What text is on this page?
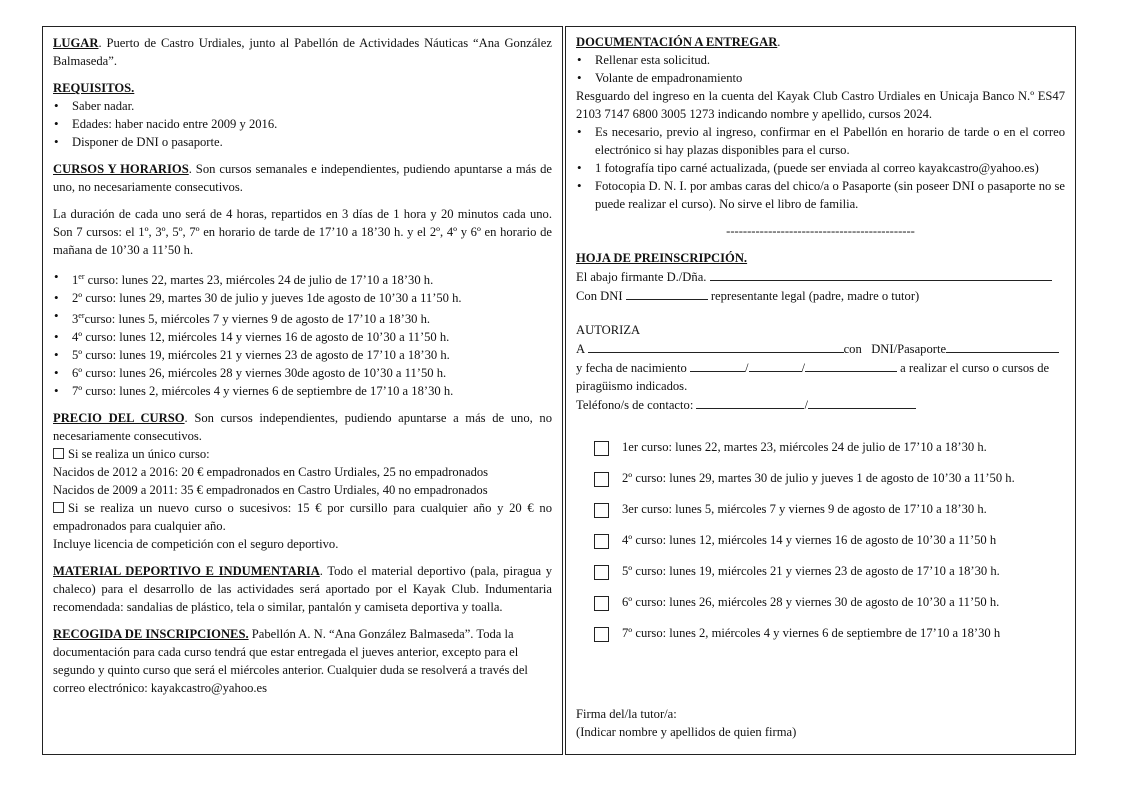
LUGAR. Puerto de Castro Urdiales, junto al Pabellón de Actividades Náuticas “Ana González Balmaseda”.

REQUISITOS.

• Saber nadar.
• Edades: haber nacido entre 2009 y 2016.
• Disponer de DNI o pasaporte.

CURSOS Y HORARIOS. Son cursos semanales e independientes, pudiendo apuntarse a más de uno, no necesariamente consecutivos.

La duración de cada uno será de 4 horas, repartidos en 3 días de 1 hora y 20 minutos cada uno. Son 7 cursos: el 1º, 3º, 5º, 7º en horario de tarde de 17’10 a 18’30 h. y el 2º, 4º y 6º en horario de mañana de 10’30 a 11’50 h.

• 1er curso: lunes 22, martes 23, miércoles 24 de julio de 17’10 a 18’30 h.
• 2º curso: lunes 29, martes 30 de julio y jueves 1de agosto de 10’30 a 11’50 h.
• 3ercurso: lunes 5, miércoles 7 y viernes 9 de agosto de 17’10 a 18’30 h.
• 4º curso: lunes 12, miércoles 14 y viernes 16 de agosto de 10’30 a 11’50 h.
• 5º curso: lunes 19, miércoles 21 y viernes 23 de agosto de 17’10 a 18’30 h.
• 6º curso: lunes 26, miércoles 28 y viernes 30de agosto de 10’30 a 11’50 h.
• 7º curso: lunes 2, miércoles 4 y viernes 6 de septiembre de 17’10 a 18’30 h.

PRECIO DEL CURSO. Son cursos independientes, pudiendo apuntarse a más de uno, no necesariamente consecutivos.

Si se realiza un único curso:

Nacidos de 2012 a 2016: 20 € empadronados en Castro Urdiales, 25 no empadronados

Nacidos de 2009 a 2011: 35 € empadronados en Castro Urdiales, 40 no empadronados

Si se realiza un nuevo curso o sucesivos: 15 € por cursillo para cualquier año y 20 € no empadronados para cualquier año.

Incluye licencia de competición con el seguro deportivo.

MATERIAL DEPORTIVO E INDUMENTARIA. Todo el material deportivo (pala, piragua y chaleco) para el desarrollo de las actividades será aportado por el Kayak Club. Indumentaria recomendada: sandalias de plástico, tela o similar, pantalón y camiseta deportiva y toalla.

RECOGIDA DE INSCRIPCIONES. Pabellón A. N. “Ana González Balmaseda”. Toda la documentación para cada curso tendrá que estar entregada el jueves anterior, excepto para el segundo y quinto curso que será el miércoles anterior. Cualquier duda se resolverá a través del correo electrónico: kayakcastro@yahoo.es

DOCUMENTACIÓN A ENTREGAR.

• Rellenar esta solicitud.
• Volante de empadronamiento

Resguardo del ingreso en la cuenta del Kayak Club Castro Urdiales en Unicaja Banco N.º ES47 2103 7147 6800 3005 1273 indicando nombre y apellido, cursos 2024.

• Es necesario, previo al ingreso, confirmar en el Pabellón en horario de tarde o en el correo electrónico si hay plazas disponibles para el curso.
• 1 fotografía tipo carné actualizada, (puede ser enviada al correo kayakcastro@yahoo.es)
• Fotocopia D. N. I. por ambas caras del chico/a o Pasaporte (sin poseer DNI o pasaporte no se puede realizar el curso). No sirve el libro de familia.

---------------------------------------------

HOJA DE PREINSCRIPCIÓN.

El abajo firmante D./Dña.

Con DNI	representante legal (padre, madre o tutor)

AUTORIZA

A	con DNI/Pasaporte

y fecha de nacimiento	/	/	a realizar el curso o cursos de

piragüismo indicados.

Teléfono/s de contacto:	/

1er curso: lunes 22, martes 23, miércoles 24 de julio de 17’10 a 18’30 h.
2º curso: lunes 29, martes 30 de julio y jueves 1 de agosto de 10’30 a 11’50 h.
3er curso: lunes 5, miércoles 7 y viernes 9 de agosto de 17’10 a 18’30 h.
4º curso: lunes 12, miércoles 14 y viernes 16 de agosto de 10’30 a 11’50 h
5º curso: lunes 19, miércoles 21 y viernes 23 de agosto de 17’10 a 18’30 h.
6º curso: lunes 26, miércoles 28 y viernes 30 de agosto de 10’30 a 11’50 h.
7º curso: lunes 2, miércoles 4 y viernes 6 de septiembre de 17’10 a 18’30 h

Firma del/la tutor/a:

(Indicar nombre y apellidos de quien firma)
